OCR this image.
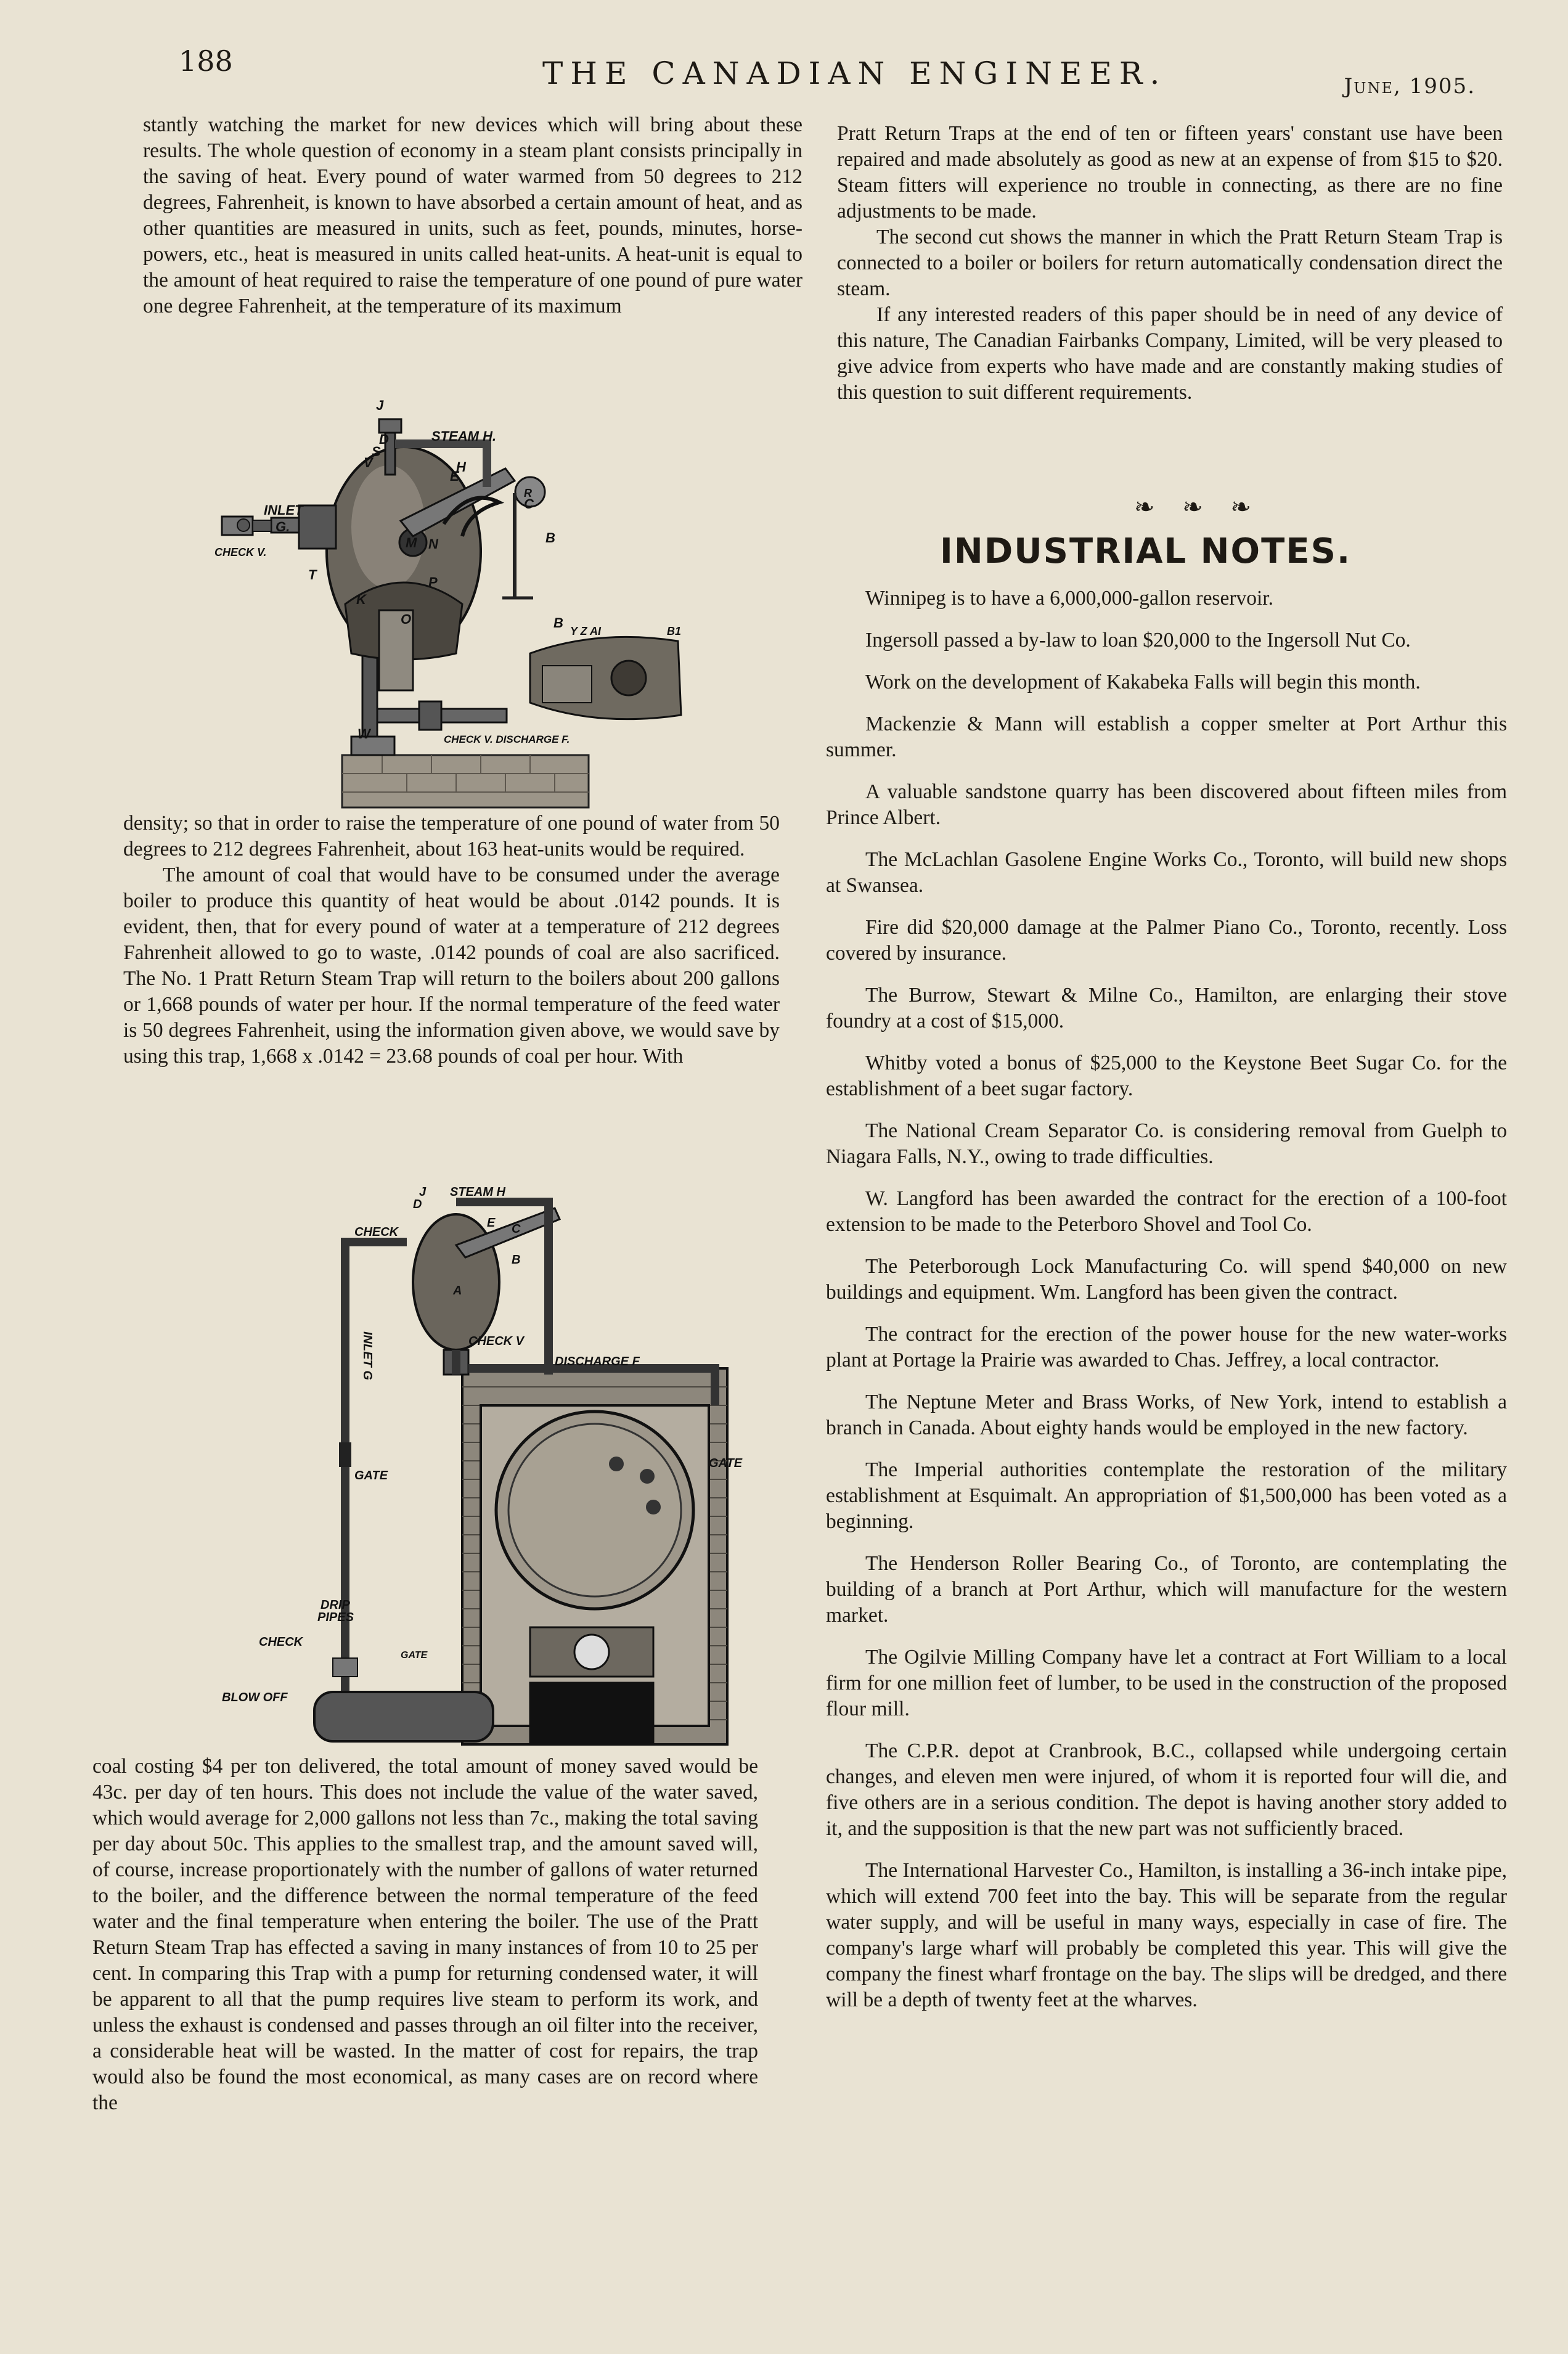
188	THE CANADIAN ENGINEER.	June, 1905.

stantly watching the market for new devices which will bring about these results. The whole question of economy in a steam plant consists principally in the saving of heat. Every pound of water warmed from 50 degrees to 212 degrees, Fahrenheit, is known to have absorbed a certain amount of heat, and as other quantities are measured in units, such as feet, pounds, minutes, horse-powers, etc., heat is measured in units called heat-units. A heat-unit is equal to the amount of heat required to raise the temperature of one pound of pure water one degree Fahrenheit, at the temperature of its maximum

J
D
S
V
STEAM H.
H
E
R
C
M N	B
INLET
G.
CHECK V.
T
K
P
O	B
Y Z AI	B1
W	CHECK V. DISCHARGE F.

density; so that in order to raise the temperature of one pound of water from 50 degrees to 212 degrees Fahrenheit, about 163 heat-units would be required.

The amount of coal that would have to be consumed under the average boiler to produce this quantity of heat would be about .0142 pounds. It is evident, then, that for every pound of water at a temperature of 212 degrees Fahrenheit allowed to go to waste, .0142 pounds of coal are also sacrificed. The No. 1 Pratt Return Steam Trap will return to the boilers about 200 gallons or 1,668 pounds of water per hour. If the normal temperature of the feed water is 50 degrees Fahrenheit, using the information given above, we would save by using this trap, 1,668 x .0142 = 23.68 pounds of coal per hour. With

J
D
STEAM H
CHECK
E C
B
A
INLET G	CHECK V
DISCHARGE F
GATE
GATE
DRIP
PIPES
CHECK
BLOW OFF
GATE

coal costing $4 per ton delivered, the total amount of money saved would be 43c. per day of ten hours. This does not include the value of the water saved, which would average for 2,000 gallons not less than 7c., making the total saving per day about 50c. This applies to the smallest trap, and the amount saved will, of course, increase proportionately with the number of gallons of water returned to the boiler, and the difference between the normal temperature of the feed water and the final temperature when entering the boiler. The use of the Pratt Return Steam Trap has effected a saving in many instances of from 10 to 25 per cent. In comparing this Trap with a pump for returning condensed water, it will be apparent to all that the pump requires live steam to perform its work, and unless the exhaust is condensed and passes through an oil filter into the receiver, a considerable heat will be wasted. In the matter of cost for repairs, the trap would also be found the most economical, as many cases are on record where the

Pratt Return Traps at the end of ten or fifteen years' constant use have been repaired and made absolutely as good as new at an expense of from $15 to $20. Steam fitters will experience no trouble in connecting, as there are no fine adjustments to be made.

The second cut shows the manner in which the Pratt Return Steam Trap is connected to a boiler or boilers for return automatically condensation direct the steam.

If any interested readers of this paper should be in need of any device of this nature, The Canadian Fairbanks Company, Limited, will be very pleased to give advice from experts who have made and are constantly making studies of this question to suit different requirements.

❧ ❧ ❧
INDUSTRIAL NOTES.

Winnipeg is to have a 6,000,000-gallon reservoir.

Ingersoll passed a by-law to loan $20,000 to the Ingersoll Nut Co.

Work on the development of Kakabeka Falls will begin this month.

Mackenzie & Mann will establish a copper smelter at Port Arthur this summer.

A valuable sandstone quarry has been discovered about fifteen miles from Prince Albert.

The McLachlan Gasolene Engine Works Co., Toronto, will build new shops at Swansea.

Fire did $20,000 damage at the Palmer Piano Co., Toronto, recently. Loss covered by insurance.

The Burrow, Stewart & Milne Co., Hamilton, are enlarging their stove foundry at a cost of $15,000.

Whitby voted a bonus of $25,000 to the Keystone Beet Sugar Co. for the establishment of a beet sugar factory.

The National Cream Separator Co. is considering removal from Guelph to Niagara Falls, N.Y., owing to trade difficulties.

W. Langford has been awarded the contract for the erection of a 100-foot extension to be made to the Peterboro Shovel and Tool Co.

The Peterborough Lock Manufacturing Co. will spend $40,000 on new buildings and equipment. Wm. Langford has been given the contract.

The contract for the erection of the power house for the new water-works plant at Portage la Prairie was awarded to Chas. Jeffrey, a local contractor.

The Neptune Meter and Brass Works, of New York, intend to establish a branch in Canada. About eighty hands would be employed in the new factory.

The Imperial authorities contemplate the restoration of the military establishment at Esquimalt. An appropriation of $1,500,000 has been voted as a beginning.

The Henderson Roller Bearing Co., of Toronto, are contemplating the building of a branch at Port Arthur, which will manufacture for the western market.

The Ogilvie Milling Company have let a contract at Fort William to a local firm for one million feet of lumber, to be used in the construction of the proposed flour mill.

The C.P.R. depot at Cranbrook, B.C., collapsed while undergoing certain changes, and eleven men were injured, of whom it is reported four will die, and five others are in a serious condition. The depot is having another story added to it, and the supposition is that the new part was not sufficiently braced.

The International Harvester Co., Hamilton, is installing a 36-inch intake pipe, which will extend 700 feet into the bay. This will be separate from the regular water supply, and will be useful in many ways, especially in case of fire. The company's large wharf will probably be completed this year. This will give the company the finest wharf frontage on the bay. The slips will be dredged, and there will be a depth of twenty feet at the wharves.
